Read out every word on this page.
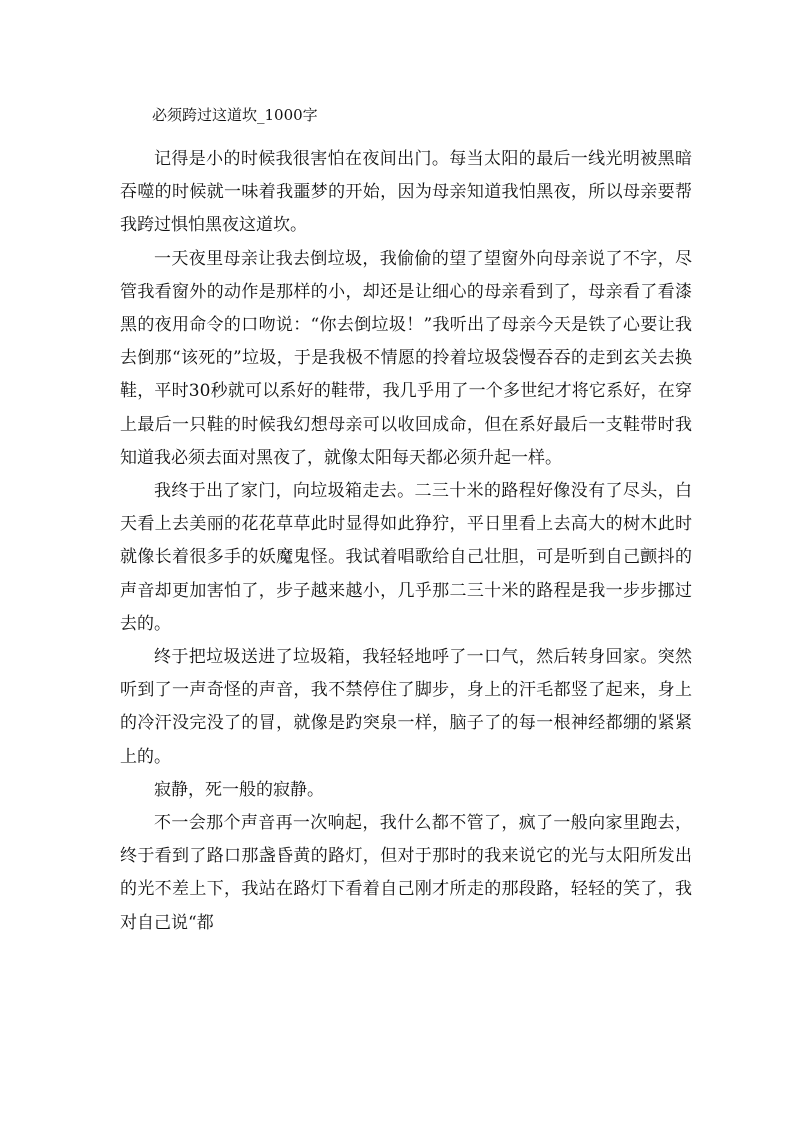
必须跨过这道坎_1000字

记得是小的时候我很害怕在夜间出门。每当太阳的最后一线光明被黑暗吞噬的时候就一味着我噩梦的开始，因为母亲知道我怕黑夜，所以母亲要帮我跨过惧怕黑夜这道坎。

一天夜里母亲让我去倒垃圾，我偷偷的望了望窗外向母亲说了不字，尽管我看窗外的动作是那样的小，却还是让细心的母亲看到了，母亲看了看漆黑的夜用命令的口吻说：“你去倒垃圾！”我听出了母亲今天是铁了心要让我去倒那“该死的”垃圾，于是我极不情愿的拎着垃圾袋慢吞吞的走到玄关去换鞋，平时30秒就可以系好的鞋带，我几乎用了一个多世纪才将它系好，在穿上最后一只鞋的时候我幻想母亲可以收回成命，但在系好最后一支鞋带时我知道我必须去面对黑夜了，就像太阳每天都必须升起一样。

我终于出了家门，向垃圾箱走去。二三十米的路程好像没有了尽头，白天看上去美丽的花花草草此时显得如此狰狞，平日里看上去高大的树木此时就像长着很多手的妖魔鬼怪。我试着唱歌给自己壮胆，可是听到自己颤抖的声音却更加害怕了，步子越来越小，几乎那二三十米的路程是我一步步挪过去的。

终于把垃圾送进了垃圾箱，我轻轻地呼了一口气，然后转身回家。突然听到了一声奇怪的声音，我不禁停住了脚步，身上的汗毛都竖了起来，身上的冷汗没完没了的冒，就像是趵突泉一样，脑子了的每一根神经都绷的紧紧上的。

寂静，死一般的寂静。

不一会那个声音再一次响起，我什么都不管了，疯了一般向家里跑去，终于看到了路口那盏昏黄的路灯，但对于那时的我来说它的光与太阳所发出的光不差上下，我站在路灯下看着自己刚才所走的那段路，轻轻的笑了，我对自己说“都
